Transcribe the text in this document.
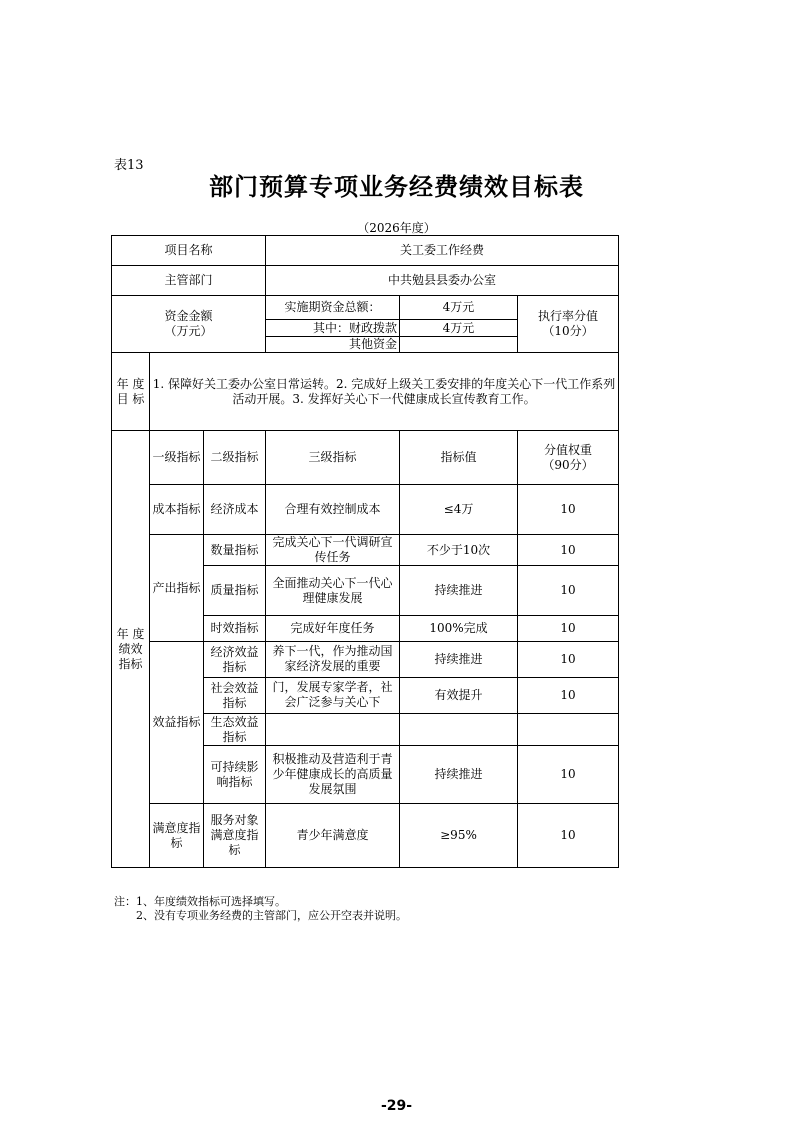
表13
部门预算专项业务经费绩效目标表
（2026年度）
项目名称			关工委工作经费		
主管部门			中共勉县县委办公室		
资金金额
（万元）			实施期资金总额：	4万元	执行率分值
（10分）
			其中：财政拨款	4万元	
			其他资金		
年 度
目 标	1. 保障好关工委办公室日常运转。2. 完成好上级关工委安排的年度关心下一代工作系列活动开展。3. 发挥好关心下一代健康成长宣传教育工作。				
年 度
绩效指标	一级指标	二级指标	三级指标	指标值	分值权重
（90分）
	成本指标	经济成本	合理有效控制成本	≤4万	10
	产出指标	数量指标	完成关心下一代调研宣传任务	不少于10次	10
		质量指标	全面推动关心下一代心理健康发展	持续推进	10
		时效指标	完成好年度任务	100%完成	10
	效益指标	经济效益指标	养下一代，作为推动国家经济发展的重要	持续推进	10
		社会效益指标	门，发展专家学者，社会广泛参与关心下	有效提升	10
		生态效益指标			
		可持续影响指标	积极推动及营造利于青少年健康成长的高质量发展氛围	持续推进	10
	满意度指标	服务对象满意度指标	青少年满意度	≥95%	10
注：1、年度绩效指标可选择填写。
　　2、没有专项业务经费的主管部门，应公开空表并说明。
-29-
